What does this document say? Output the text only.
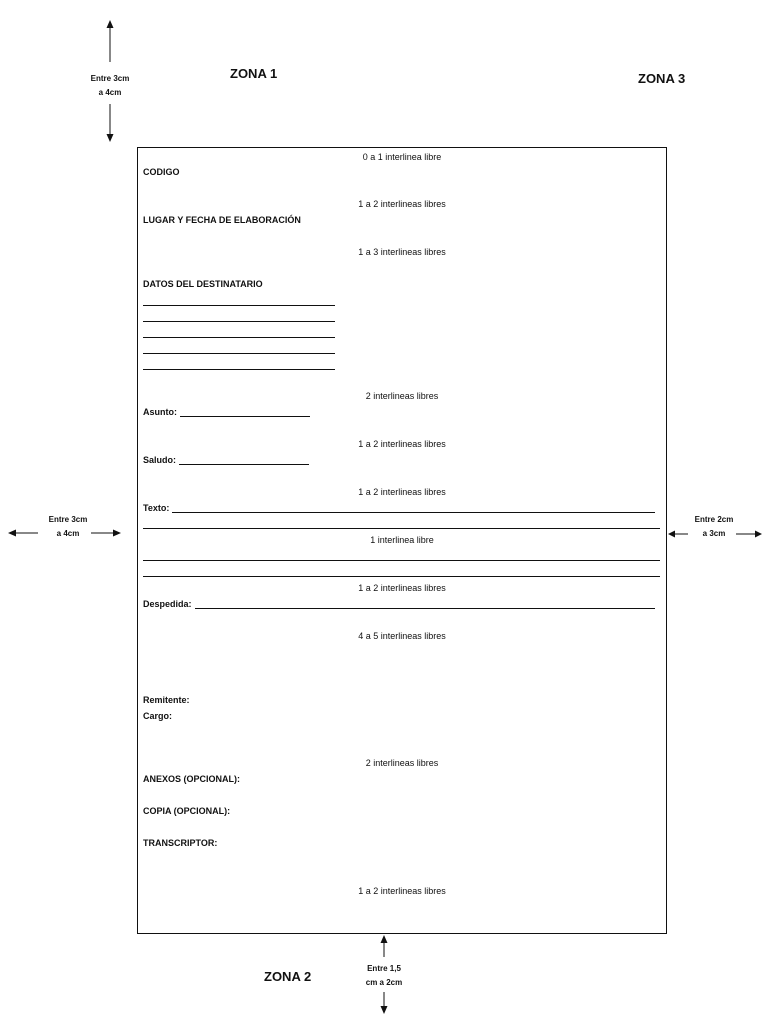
ZONA 1	ZONA 3
ZONA 2
Entre 3cm
a 4cm
Entre 3cm
a 4cm
Entre 2cm
a 3cm
Entre 1,5
cm a 2cm
0 a 1 interlinea libre
CODIGO
1 a 2 interlineas libres
LUGAR Y FECHA DE ELABORACIÓN
1 a 3 interlineas libres
DATOS DEL DESTINATARIO
2 interlineas libres
Asunto:
1 a 2 interlineas libres
Saludo:
1 a 2 interlineas libres
Texto:
1 interlinea libre
1 a 2 interlineas libres
Despedida:
4 a 5 interlineas libres
Remitente:
Cargo:
2 interlineas libres
ANEXOS (OPCIONAL):
COPIA (OPCIONAL):
TRANSCRIPTOR:
1 a 2 interlineas libres
